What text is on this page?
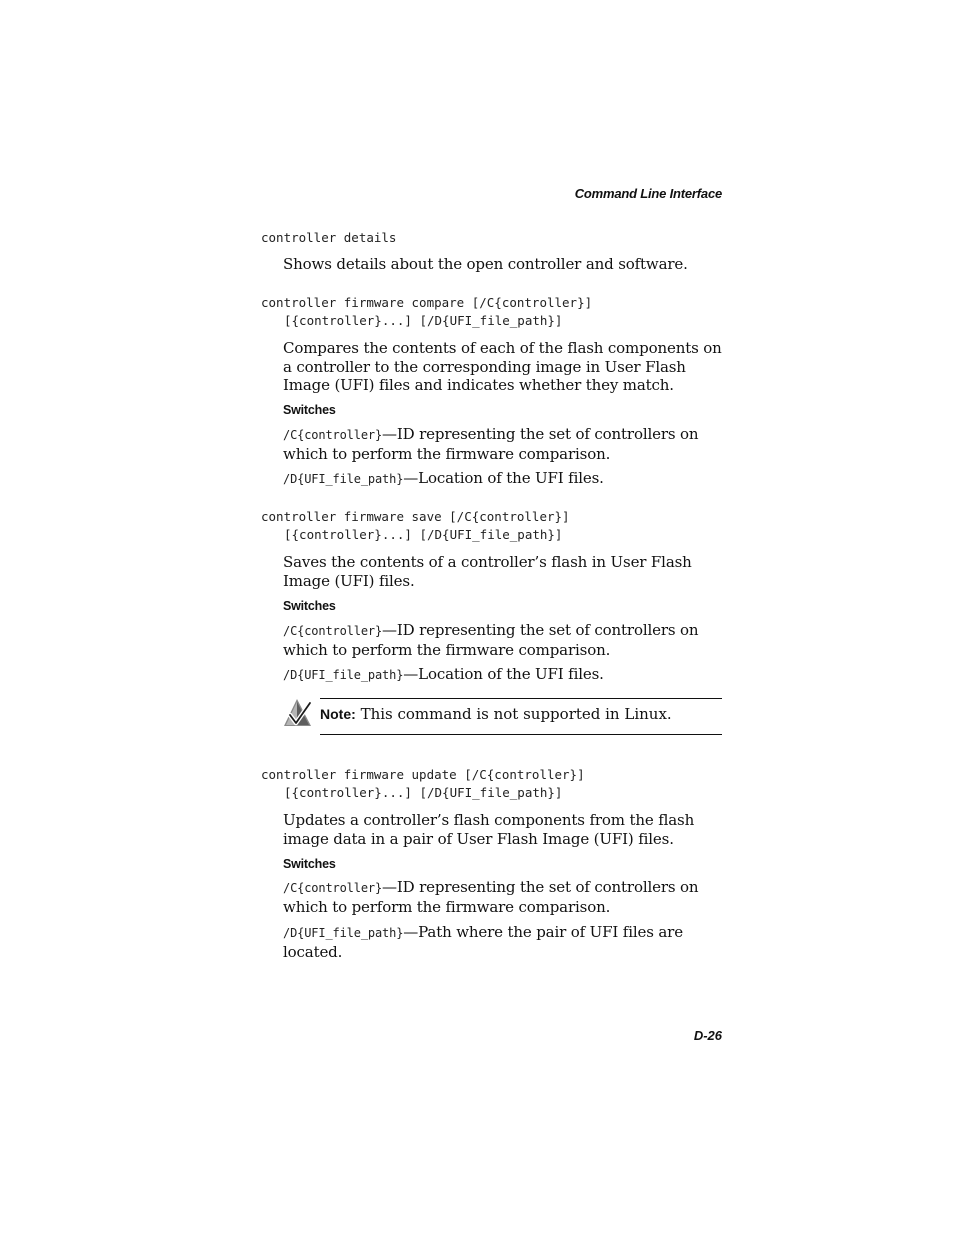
Command Line Interface
controller details
Shows details about the open controller and software.
controller firmware compare [/C{controller}]
[{controller}...] [/D{UFI_file_path}]
Compares the contents of each of the flash components on a controller to the corresponding image in User Flash Image (UFI) files and indicates whether they match.
Switches
/C{controller}—ID representing the set of controllers on which to perform the firmware comparison.
/D{UFI_file_path}—Location of the UFI files.
controller firmware save [/C{controller}]
[{controller}...] [/D{UFI_file_path}]
Saves the contents of a controller’s flash in User Flash Image (UFI) files.
Switches
/C{controller}—ID representing the set of controllers on which to perform the firmware comparison.
/D{UFI_file_path}—Location of the UFI files.
Note: This command is not supported in Linux.
controller firmware update [/C{controller}]
[{controller}...] [/D{UFI_file_path}]
Updates a controller’s flash components from the flash image data in a pair of User Flash Image (UFI) files.
Switches
/C{controller}—ID representing the set of controllers on which to perform the firmware comparison.
/D{UFI_file_path}—Path where the pair of UFI files are located.
D-26
